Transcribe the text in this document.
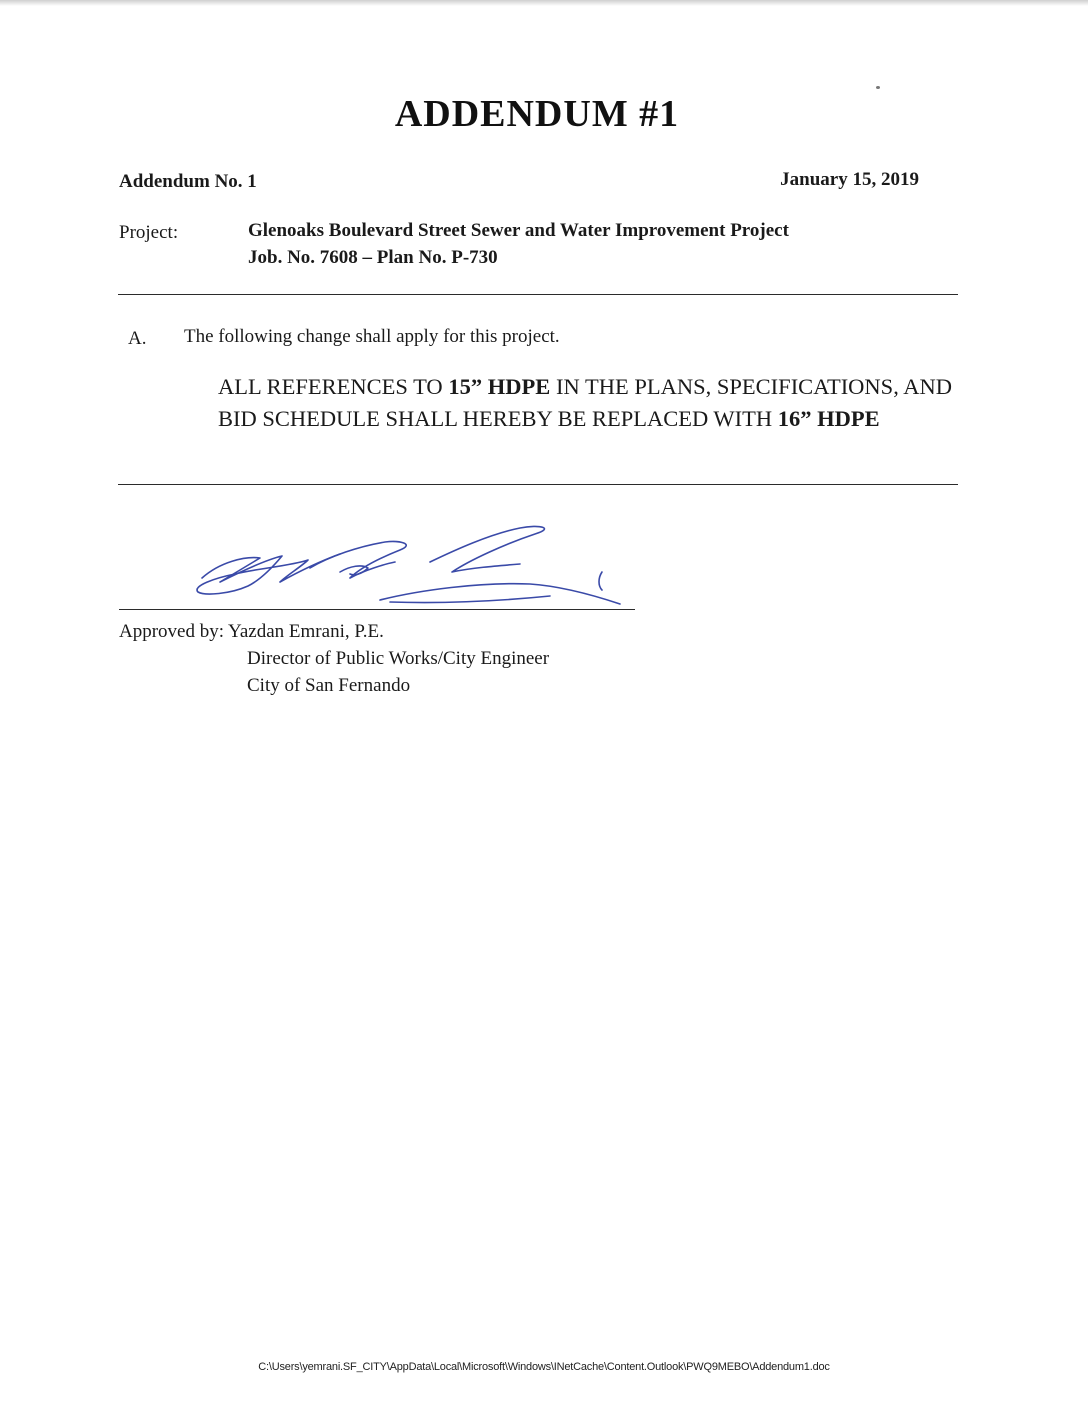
ADDENDUM #1
Addendum No. 1	January 15, 2019
Project:	Glenoaks Boulevard Street Sewer and Water Improvement Project
Job. No. 7608 – Plan No. P-730
A. The following change shall apply for this project.
ALL REFERENCES TO 15” HDPE IN THE PLANS, SPECIFICATIONS, AND BID SCHEDULE SHALL HEREBY BE REPLACED WITH 16” HDPE
Approved by: Yazdan Emrani, P.E.
Director of Public Works/City Engineer
City of San Fernando
C:\Users\yemrani.SF_CITY\AppData\Local\Microsoft\Windows\INetCache\Content.Outlook\PWQ9MEBO\Addendum1.doc
